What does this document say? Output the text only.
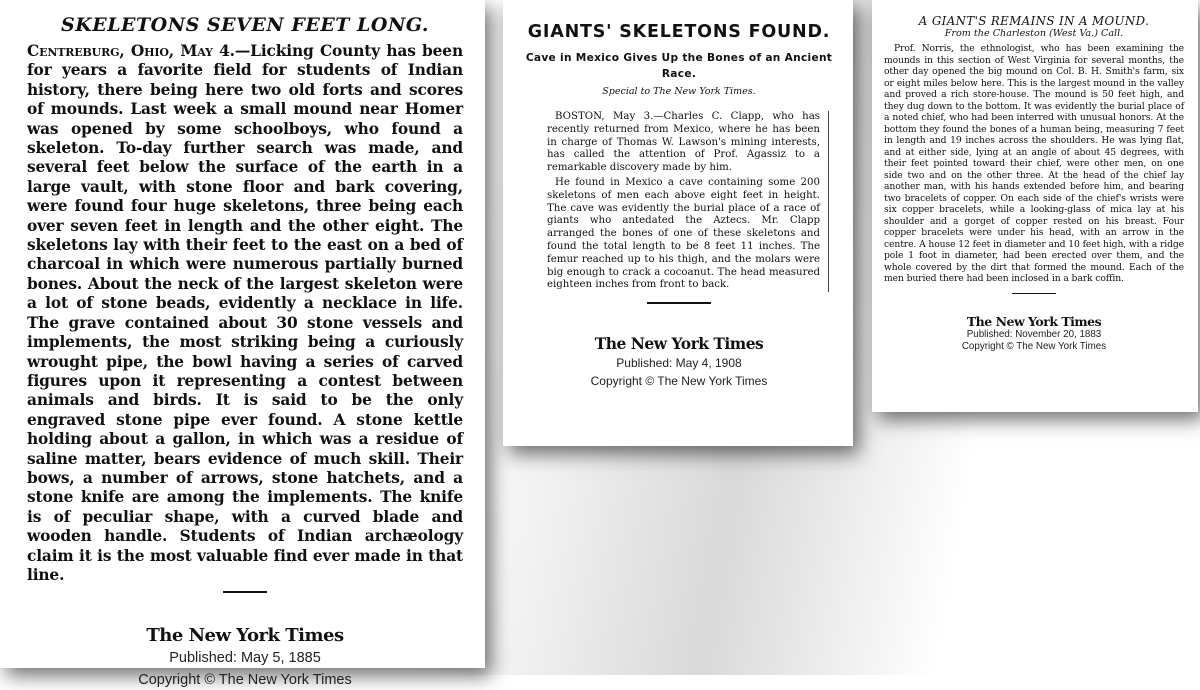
SKELETONS SEVEN FEET LONG.

Centreburg, Ohio, May 4.—Licking County has been for years a favorite field for students of Indian history, there being here two old forts and scores of mounds. Last week a small mound near Homer was opened by some schoolboys, who found a skeleton. To-day further search was made, and several feet below the surface of the earth in a large vault, with stone floor and bark covering, were found four huge skeletons, three being each over seven feet in length and the other eight. The skeletons lay with their feet to the east on a bed of charcoal in which were numerous partially burned bones. About the neck of the largest skeleton were a lot of stone beads, evidently a necklace in life. The grave contained about 30 stone vessels and implements, the most striking being a curiously wrought pipe, the bowl having a series of carved figures upon it representing a contest between animals and birds. It is said to be the only engraved stone pipe ever found. A stone kettle holding about a gallon, in which was a residue of saline matter, bears evidence of much skill. Their bows, a number of arrows, stone hatchets, and a stone knife are among the implements. The knife is of peculiar shape, with a curved blade and wooden handle. Students of Indian archæology claim it is the most valuable find ever made in that line.

The New York Times
Published: May 5, 1885
Copyright © The New York Times
GIANTS' SKELETONS FOUND.
Cave in Mexico Gives Up the Bones of an Ancient Race.
Special to The New York Times.

BOSTON, May 3.—Charles C. Clapp, who has recently returned from Mexico, where he has been in charge of Thomas W. Lawson's mining interests, has called the attention of Prof. Agassiz to a remarkable discovery made by him.

He found in Mexico a cave containing some 200 skeletons of men each above eight feet in height. The cave was evidently the burial place of a race of giants who antedated the Aztecs. Mr. Clapp arranged the bones of one of these skeletons and found the total length to be 8 feet 11 inches. The femur reached up to his thigh, and the molars were big enough to crack a cocoanut. The head measured eighteen inches from front to back.

The New York Times
Published: May 4, 1908
Copyright © The New York Times
A GIANT'S REMAINS IN A MOUND.
From the Charleston (West Va.) Call.

Prof. Norris, the ethnologist, who has been examining the mounds in this section of West Virginia for several months, the other day opened the big mound on Col. B. H. Smith's farm, six or eight miles below here. This is the largest mound in the valley and proved a rich store-house. The mound is 50 feet high, and they dug down to the bottom. It was evidently the burial place of a noted chief, who had been interred with unusual honors. At the bottom they found the bones of a human being, measuring 7 feet in length and 19 inches across the shoulders. He was lying flat, and at either side, lying at an angle of about 45 degrees, with their feet pointed toward their chief, were other men, on one side two and on the other three. At the head of the chief lay another man, with his hands extended before him, and bearing two bracelets of copper. On each side of the chief's wrists were six copper bracelets, while a looking-glass of mica lay at his shoulder and a gorget of copper rested on his breast. Four copper bracelets were under his head, with an arrow in the centre. A house 12 feet in diameter and 10 feet high, with a ridge pole 1 foot in diameter, had been erected over them, and the whole covered by the dirt that formed the mound. Each of the men buried there had been inclosed in a bark coffin.

The New York Times
Published: November 20, 1883
Copyright © The New York Times
